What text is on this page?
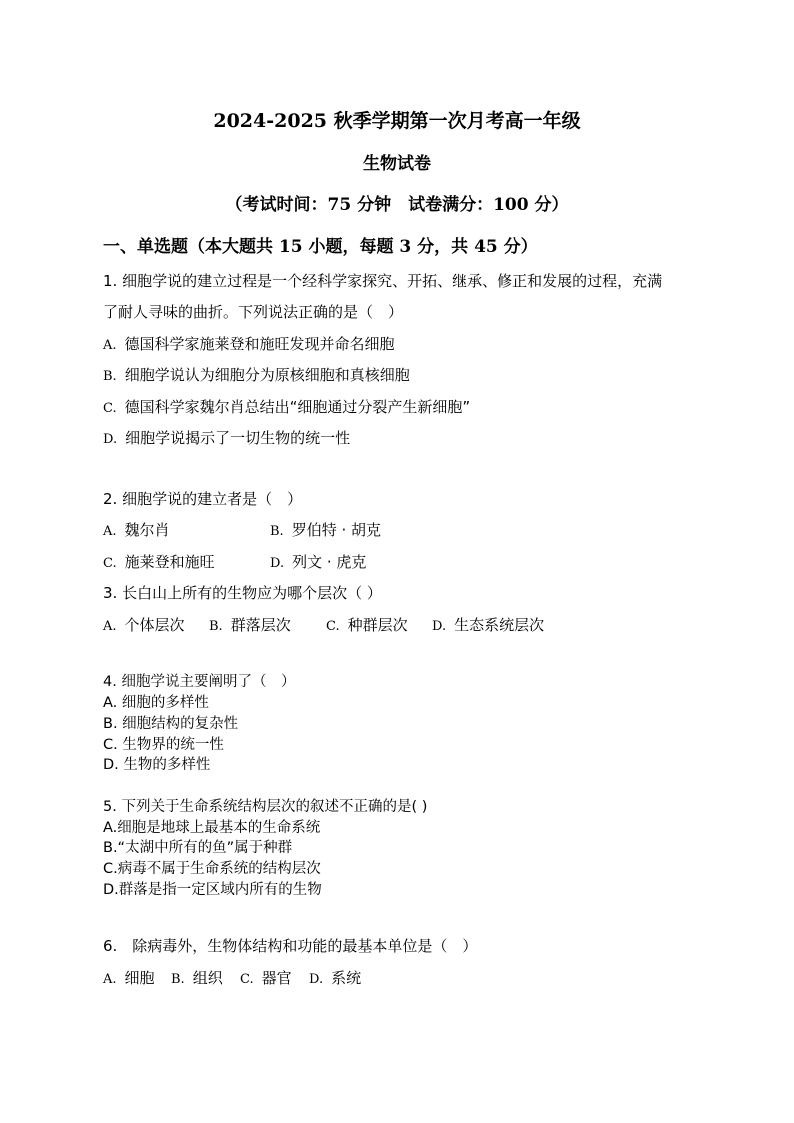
2024-2025 秋季学期第一次月考高一年级
生物试卷
（考试时间：75 分钟　试卷满分：100 分）
一、单选题（本大题共 15 小题，每题 3 分，共 45 分）
1. 细胞学说的建立过程是一个经科学家探究、开拓、继承、修正和发展的过程，充满
了耐人寻味的曲折。下列说法正确的是（　）
A. 德国科学家施莱登和施旺发现并命名细胞
B. 细胞学说认为细胞分为原核细胞和真核细胞
C. 德国科学家魏尔肖总结出“细胞通过分裂产生新细胞”
D. 细胞学说揭示了一切生物的统一性
2. 细胞学说的建立者是（　）
A. 魏尔肖	B. 罗伯特 · 胡克
C. 施莱登和施旺	D. 列文 · 虎克
3. 长白山上所有的生物应为哪个层次（ ）
A. 个体层次 B. 群落层次	C. 种群层次 D. 生态系统层次
4. 细胞学说主要阐明了（　）
A. 细胞的多样性
B. 细胞结构的复杂性
C. 生物界的统一性
D. 生物的多样性
5. 下列关于生命系统结构层次的叙述不正确的是( )
A.细胞是地球上最基本的生命系统
B.“太湖中所有的鱼”属于种群
C.病毒不属于生命系统的结构层次
D.群落是指一定区域内所有的生物
6.　除病毒外，生物体结构和功能的最基本单位是（　）
A. 细胞 B. 组织 C. 器官 D. 系统
